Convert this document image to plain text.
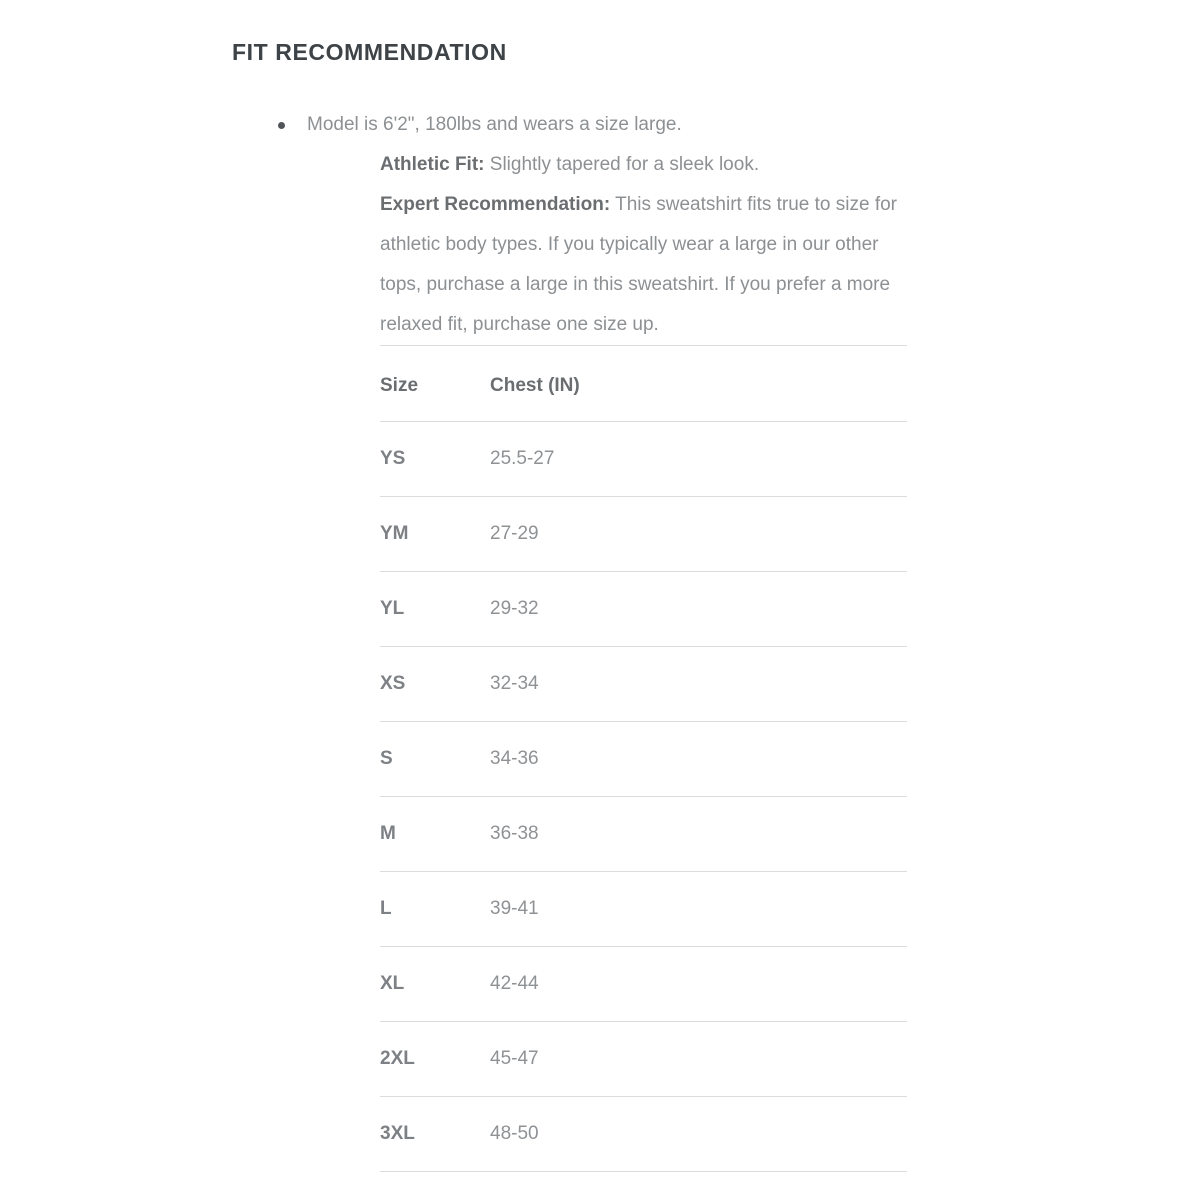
FIT RECOMMENDATION
Model is 6'2", 180lbs and wears a size large.

Athletic Fit: Slightly tapered for a sleek look.

Expert Recommendation: This sweatshirt fits true to size for athletic body types. If you typically wear a large in our other tops, purchase a large in this sweatshirt. If you prefer a more relaxed fit, purchase one size up.

Size	Chest (IN)
YS	25.5-27
YM	27-29
YL	29-32
XS	32-34
S	34-36
M	36-38
L	39-41
XL	42-44
2XL	45-47
3XL	48-50
